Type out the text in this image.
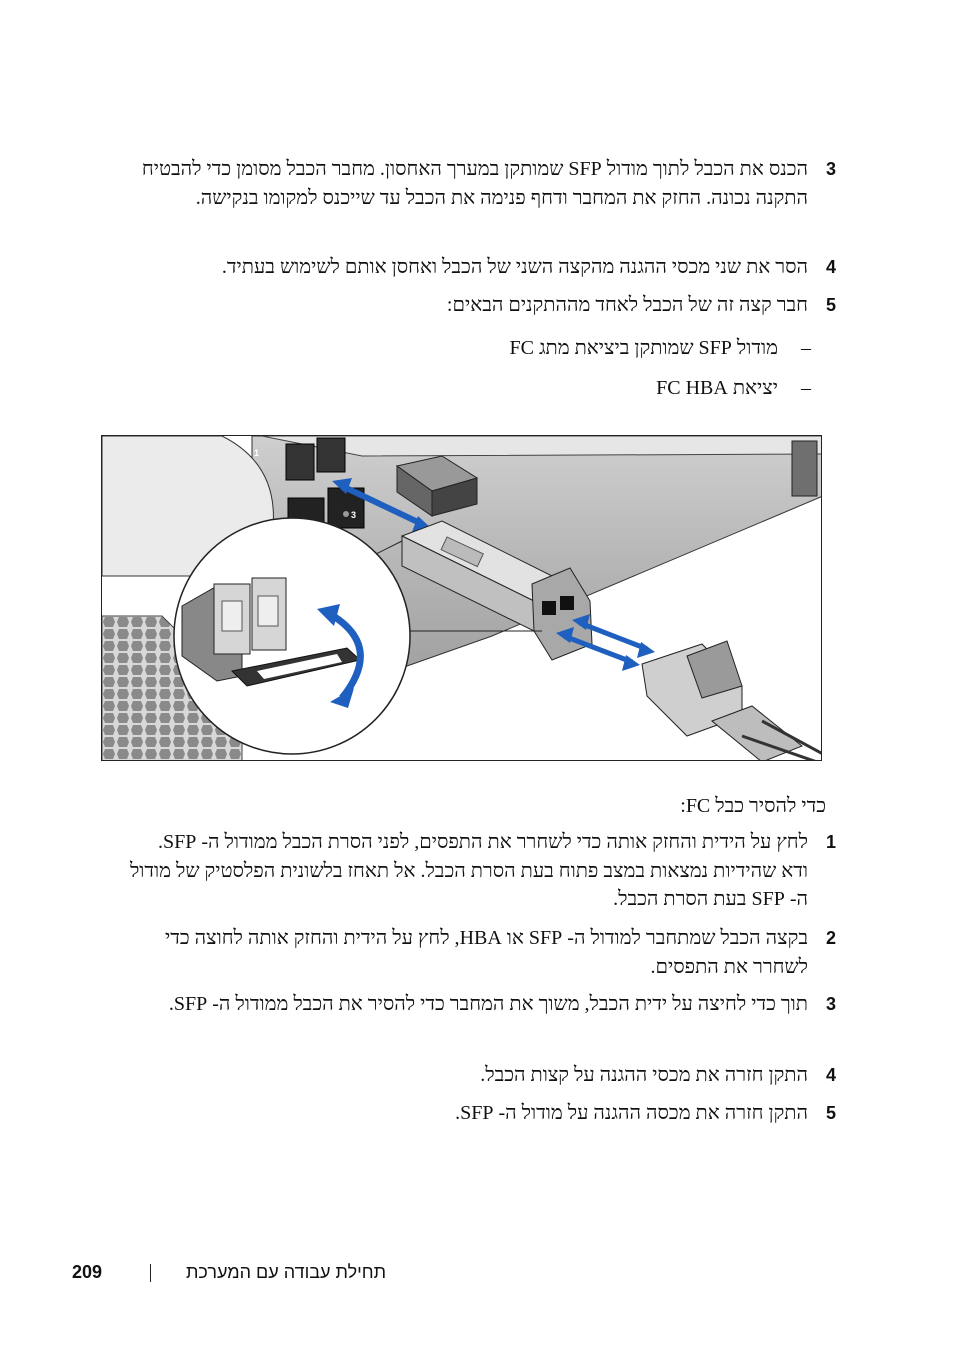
3
הכנס את הכבל לתוך מודול SFP שמותקן במערך האחסון. מחבר הכבל מסומן כדי להבטיח התקנה נכונה. החזק את המחבר ודחף פנימה את הכבל עד שייכנס למקומו בנקישה.
4
הסר את שני מכסי ההגנה מהקצה השני של הכבל ואחסן אותם לשימוש בעתיד.
5
חבר קצה זה של הכבל לאחד מההתקנים הבאים:
–
מודול SFP שמותקן ביציאת מתג FC
–
יציאת FC HBA
1
3
כדי להסיר כבל FC:
1
לחץ על הידית והחזק אותה כדי לשחרר את התפסים, לפני הסרת הכבל ממודול ה- SFP. ודא שהידיות נמצאות במצב פתוח בעת הסרת הכבל. אל תאחז בלשונית הפלסטיק של מודול ה- SFP בעת הסרת הכבל.
2
בקצה הכבל שמתחבר למודול ה- SFP או HBA, לחץ על הידית והחזק אותה לחוצה כדי לשחרר את התפסים.
3
תוך כדי לחיצה על ידית הכבל, משוך את המחבר כדי להסיר את הכבל ממודול ה- SFP.
4
התקן חזרה את מכסי ההגנה על קצות הכבל.
5
התקן חזרה את מכסה ההגנה על מודול ה- SFP.
209	תחילת עבודה עם המערכת
